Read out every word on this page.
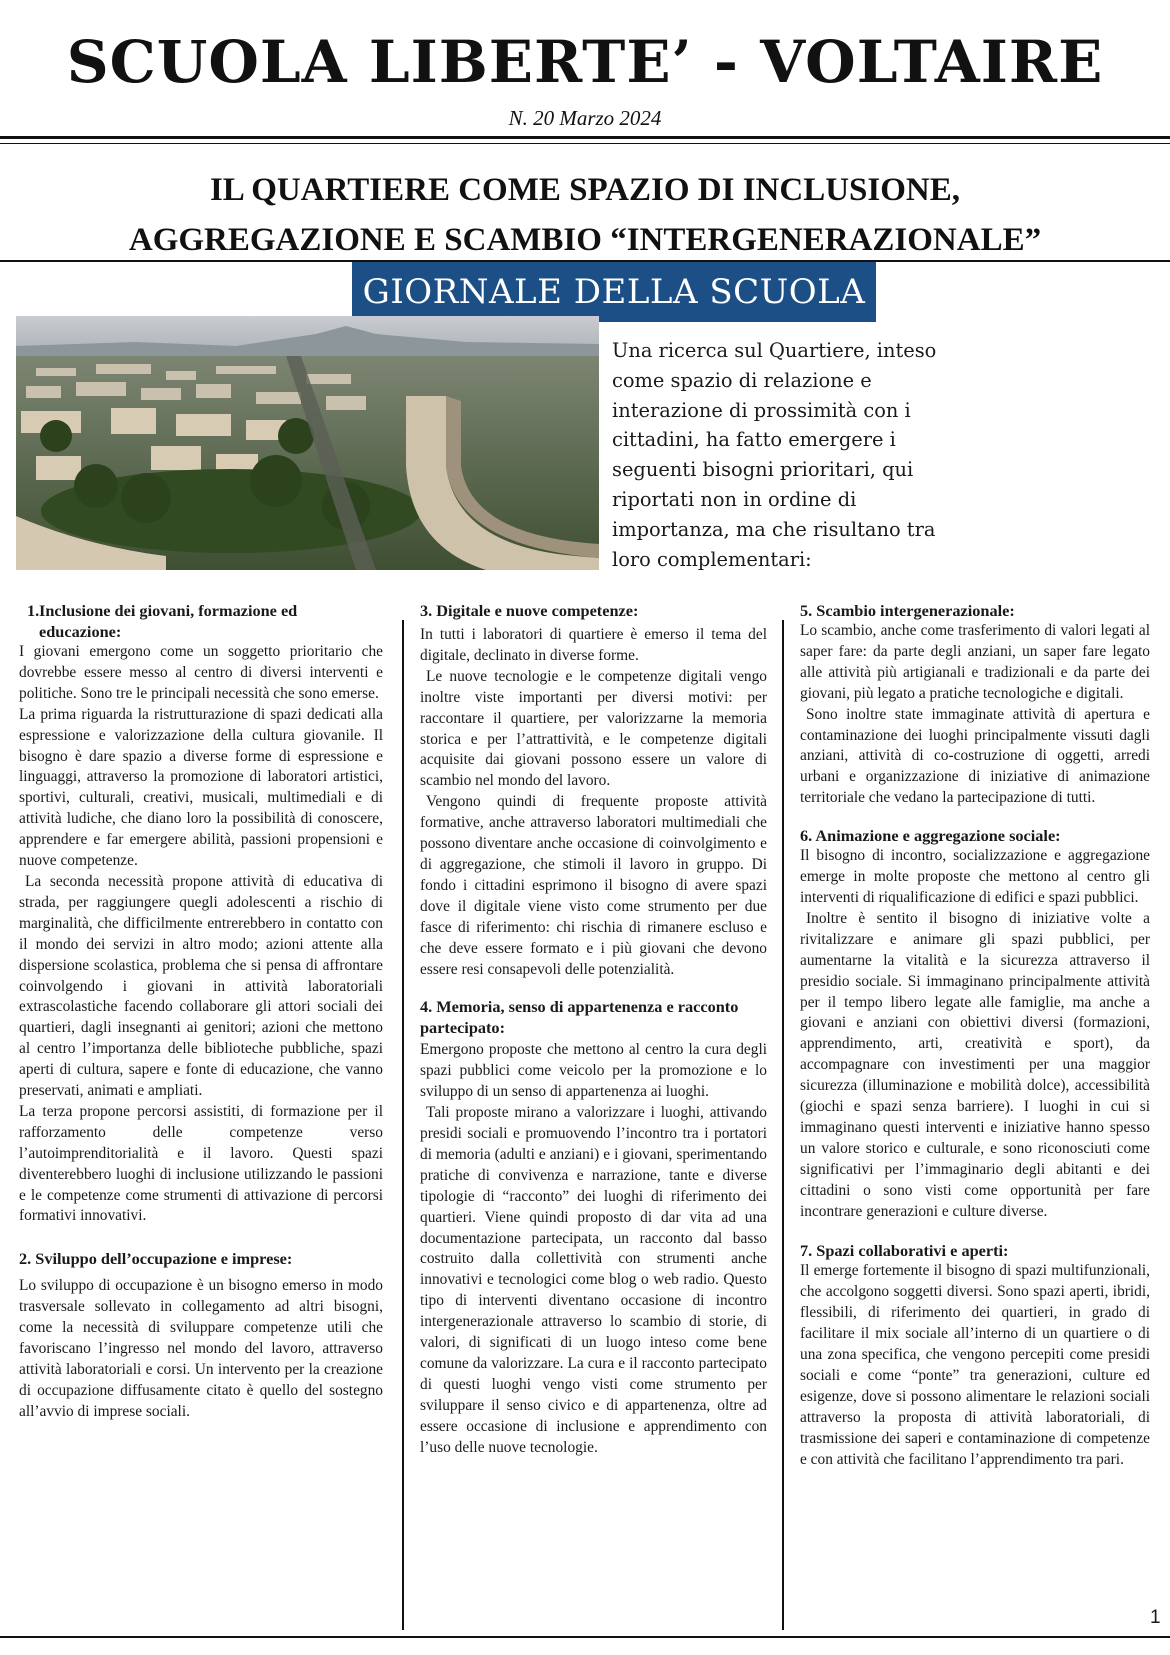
SCUOLA LIBERTE’ - VOLTAIRE
N. 20 Marzo 2024
IL QUARTIERE COME SPAZIO DI INCLUSIONE,
AGGREGAZIONE E SCAMBIO “INTERGENERAZIONALE”
GIORNALE DELLA SCUOLA
Una ricerca sul Quartiere, inteso
come spazio di relazione e
interazione di prossimità con i
cittadini, ha fatto emergere i
seguenti bisogni prioritari, qui
riportati non in ordine di
importanza, ma che risultano tra
loro complementari:
1. Inclusione dei giovani, formazione ed educazione:

I giovani emergono come un soggetto prioritario che dovrebbe essere messo al centro di diversi interventi e politiche. Sono tre le principali necessità che sono emerse.

La prima riguarda la ristrutturazione di spazi dedicati alla espressione e valorizzazione della cultura giovanile. Il bisogno è dare spazio a diverse forme di espressione e linguaggi, attraverso la promozione di laboratori artistici, sportivi, culturali, creativi, musicali, multimediali e di attività ludiche, che diano loro la possibilità di conoscere, apprendere e far emergere abilità, passioni propensioni e nuove competenze.

La seconda necessità propone attività di educativa di strada, per raggiungere quegli adolescenti a rischio di marginalità, che difficilmente entrerebbero in contatto con il mondo dei servizi in altro modo; azioni attente alla dispersione scolastica, problema che si pensa di affrontare coinvolgendo i giovani in attività laboratoriali extrascolastiche facendo collaborare gli attori sociali dei quartieri, dagli insegnanti ai genitori; azioni che mettono al centro l’importanza delle biblioteche pubbliche, spazi aperti di cultura, sapere e fonte di educazione, che vanno preservati, animati e ampliati.

La terza propone percorsi assistiti, di formazione per il rafforzamento delle competenze verso l’autoimprenditorialità e il lavoro. Questi spazi diventerebbero luoghi di inclusione utilizzando le passioni e le competenze come strumenti di attivazione di percorsi formativi innovativi.

2. Sviluppo dell’occupazione e imprese:

Lo sviluppo di occupazione è un bisogno emerso in modo trasversale sollevato in collegamento ad altri bisogni, come la necessità di sviluppare competenze utili che favoriscano l’ingresso nel mondo del lavoro, attraverso attività laboratoriali e corsi. Un intervento per la creazione di occupazione diffusamente citato è quello del sostegno all’avvio di imprese sociali.

3. Digitale e nuove competenze:

In tutti i laboratori di quartiere è emerso il tema del digitale, declinato in diverse forme.

Le nuove tecnologie e le competenze digitali vengo inoltre viste importanti per diversi motivi: per raccontare il quartiere, per valorizzarne la memoria storica e per l’attrattività, e le competenze digitali acquisite dai giovani possono essere un valore di scambio nel mondo del lavoro.

Vengono quindi di frequente proposte attività formative, anche attraverso laboratori multimediali che possono diventare anche occasione di coinvolgimento e di aggregazione, che stimoli il lavoro in gruppo. Di fondo i cittadini esprimono il bisogno di avere spazi dove il digitale viene visto come strumento per due fasce di riferimento: chi rischia di rimanere escluso e che deve essere formato e i più giovani che devono essere resi consapevoli delle potenzialità.

4. Memoria, senso di appartenenza e racconto partecipato:

Emergono proposte che mettono al centro la cura degli spazi pubblici come veicolo per la promozione e lo sviluppo di un senso di appartenenza ai luoghi.

Tali proposte mirano a valorizzare i luoghi, attivando presidi sociali e promuovendo l’incontro tra i portatori di memoria (adulti e anziani) e i giovani, sperimentando pratiche di convivenza e narrazione, tante e diverse tipologie di “racconto” dei luoghi di riferimento dei quartieri. Viene quindi proposto di dar vita ad una documentazione partecipata, un racconto dal basso costruito dalla collettività con strumenti anche innovativi e tecnologici come blog o web radio. Questo tipo di interventi diventano occasione di incontro intergenerazionale attraverso lo scambio di storie, di valori, di significati di un luogo inteso come bene comune da valorizzare. La cura e il racconto partecipato di questi luoghi vengo visti come strumento per sviluppare il senso civico e di appartenenza, oltre ad essere occasione di inclusione e apprendimento con l’uso delle nuove tecnologie.

5. Scambio intergenerazionale:

Lo scambio, anche come trasferimento di valori legati al saper fare: da parte degli anziani, un saper fare legato alle attività più artigianali e tradizionali e da parte dei giovani, più legato a pratiche tecnologiche e digitali.

Sono inoltre state immaginate attività di apertura e contaminazione dei luoghi principalmente vissuti dagli anziani, attività di co-costruzione di oggetti, arredi urbani e organizzazione di iniziative di animazione territoriale che vedano la partecipazione di tutti.

6. Animazione e aggregazione sociale:

Il bisogno di incontro, socializzazione e aggregazione emerge in molte proposte che mettono al centro gli interventi di riqualificazione di edifici e spazi pubblici.

Inoltre è sentito il bisogno di iniziative volte a rivitalizzare e animare gli spazi pubblici, per aumentarne la vitalità e la sicurezza attraverso il presidio sociale. Si immaginano principalmente attività per il tempo libero legate alle famiglie, ma anche a giovani e anziani con obiettivi diversi (formazioni, apprendimento, arti, creatività e sport), da accompagnare con investimenti per una maggior sicurezza (illuminazione e mobilità dolce), accessibilità (giochi e spazi senza barriere). I luoghi in cui si immaginano questi interventi e iniziative hanno spesso un valore storico e culturale, e sono riconosciuti come significativi per l’immaginario degli abitanti e dei cittadini o sono visti come opportunità per fare incontrare generazioni e culture diverse.

7. Spazi collaborativi e aperti:

Il emerge fortemente il bisogno di spazi multifunzionali, che accolgono soggetti diversi. Sono spazi aperti, ibridi, flessibili, di riferimento dei quartieri, in grado di facilitare il mix sociale all’interno di un quartiere o di una zona specifica, che vengono percepiti come presidi sociali e come “ponte” tra generazioni, culture ed esigenze, dove si possono alimentare le relazioni sociali attraverso la proposta di attività laboratoriali, di trasmissione dei saperi e contaminazione di competenze e con attività che facilitano l’apprendimento tra pari.

1
